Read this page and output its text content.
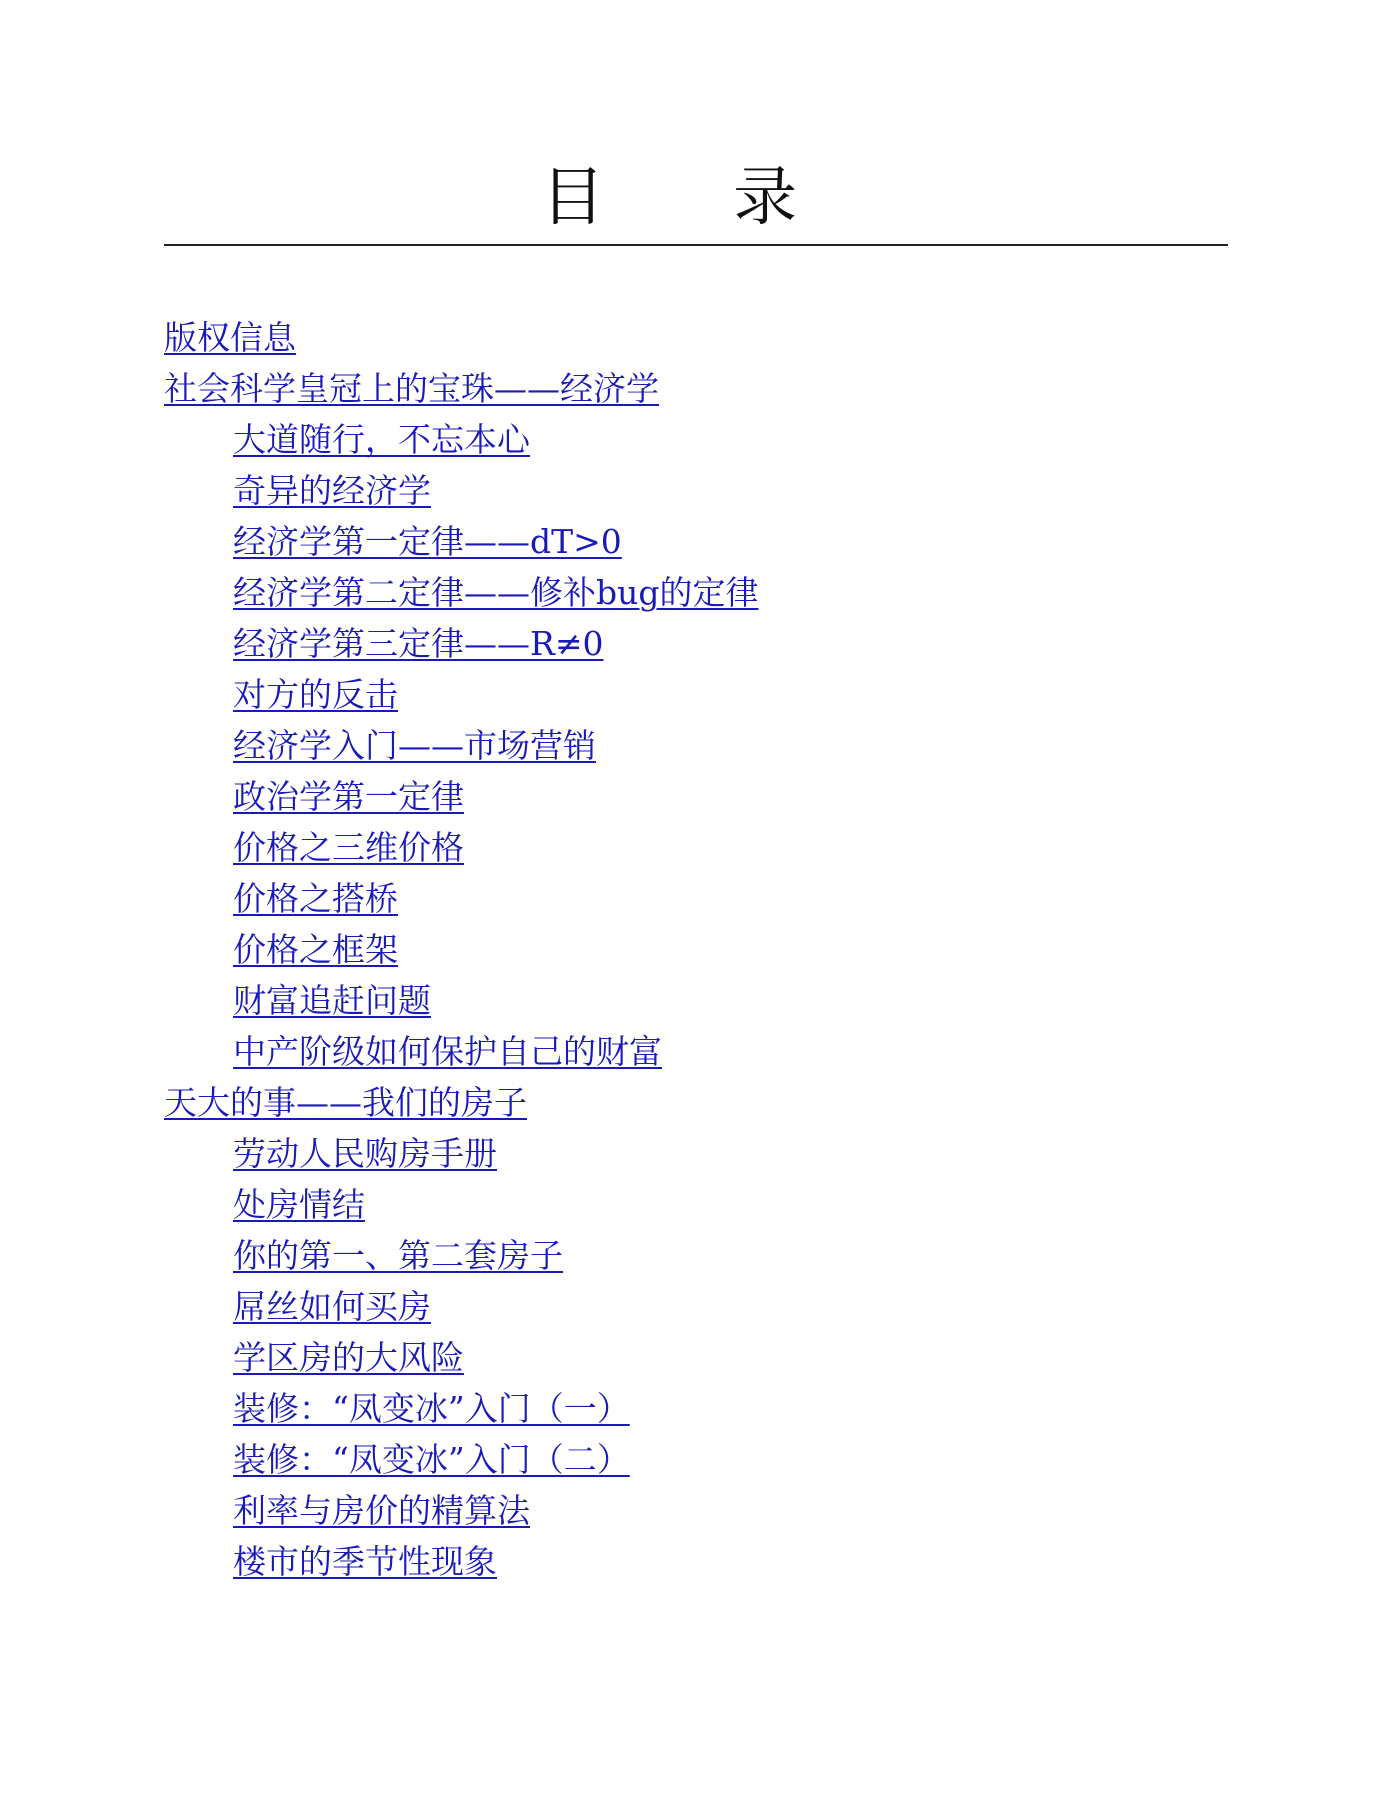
目 录
版权信息
社会科学皇冠上的宝珠——经济学
大道随行，不忘本心
奇异的经济学
经济学第一定律——dT>0
经济学第二定律——修补bug的定律
经济学第三定律——R≠0
对方的反击
经济学入门——市场营销
政治学第一定律
价格之三维价格
价格之搭桥
价格之框架
财富追赶问题
中产阶级如何保护自己的财富
天大的事——我们的房子
劳动人民购房手册
处房情结
你的第一、第二套房子
屌丝如何买房
学区房的大风险
装修：“凤变冰”入门（一）
装修：“凤变冰”入门（二）
利率与房价的精算法
楼市的季节性现象
